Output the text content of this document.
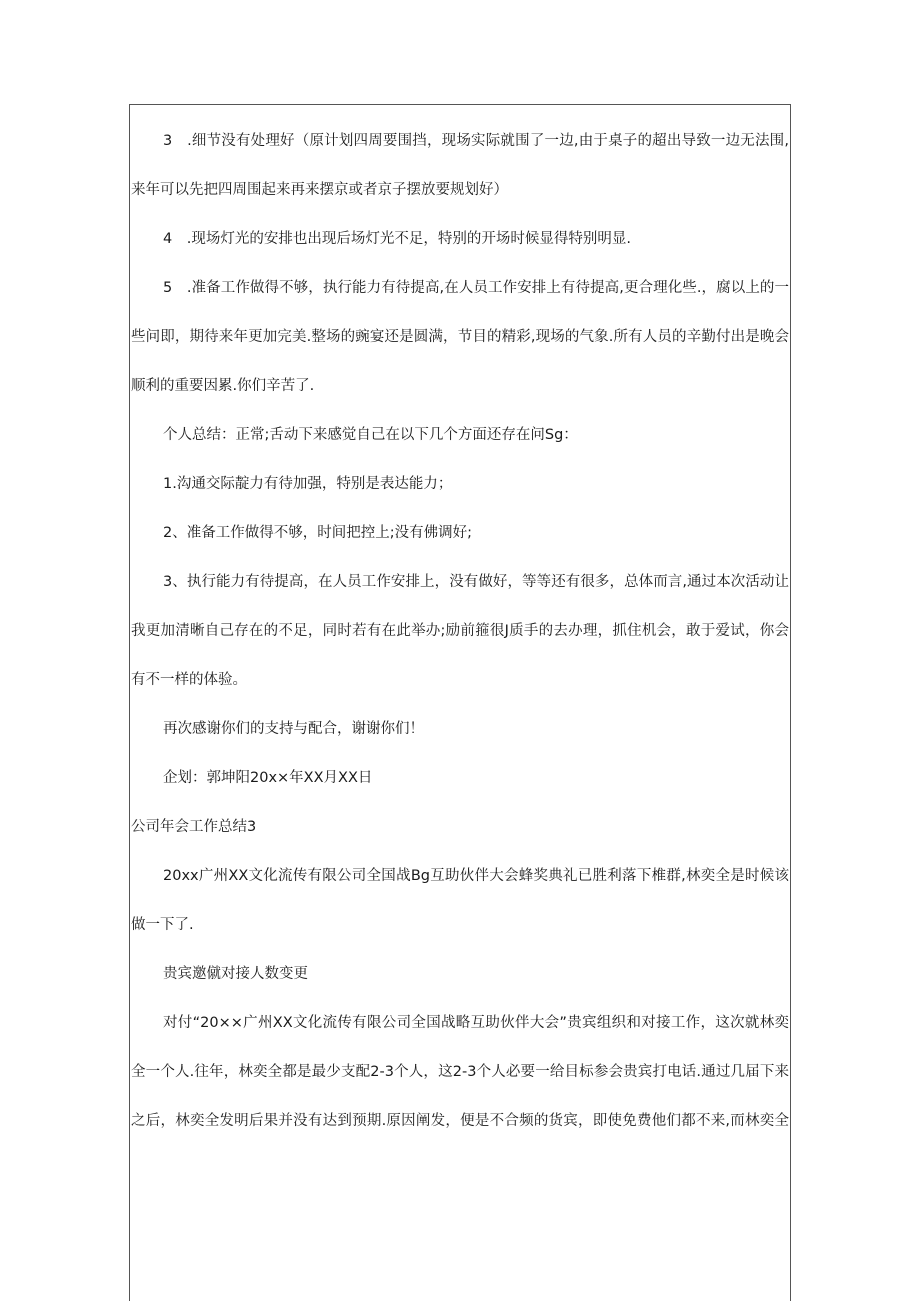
3　.细节没有处理好（原计划四周要围挡，现场实际就围了一边,由于桌子的超出导致一边无法围,
来年可以先把四周围起来再来摆京或者京子摆放要规划好）
4　.现场灯光的安排也出现后场灯光不足，特别的开场时候显得特别明显.
5　.准备工作做得不够，执行能力有待提高,在人员工作安排上有待提高,更合理化些.，腐以上的一
些问即，期待来年更加完美.整场的豌宴还是圆满，节目的精彩,现场的气象.所有人员的辛勤付出是晚会
顺利的重要因累.你们辛苦了.
个人总结：正常;舌动下来感觉自己在以下几个方面还存在问Sg：
1.沟通交际靛力有待加强，特别是表达能力；
2、准备工作做得不够，时间把控上;没有佛调好;
3、执行能力有待提高，在人员工作安排上，没有做好，等等还有很多，总体而言,通过本次活动让
我更加清晰自己存在的不足，同时若有在此举办;励前箍很J质手的去办理，抓住机会，敢于爱试，你会
有不一样的体验。
再次感谢你们的支持与配合，谢谢你们！
企划：郭坤阳20x×年XX月XX日
公司年会工作总结3
20xx广州XX文化流传有限公司全国战Bg互助伙伴大会蜂奖典礼已胜利落下椎群,林奕全是时候该
做一下了.
贵宾邀僦对接人数变更
对付“20××广州XX文化流传有限公司全国战略互助伙伴大会”贵宾组织和对接工作，这次就林奕
全一个人.往年，林奕全都是最少支配2-3个人，这2-3个人必要一给目标参会贵宾打电话.通过几届下来
之后，林奕全发明后果并没有达到预期.原因阐发，便是不合频的货宾，即使免费他们都不来,而林奕全
